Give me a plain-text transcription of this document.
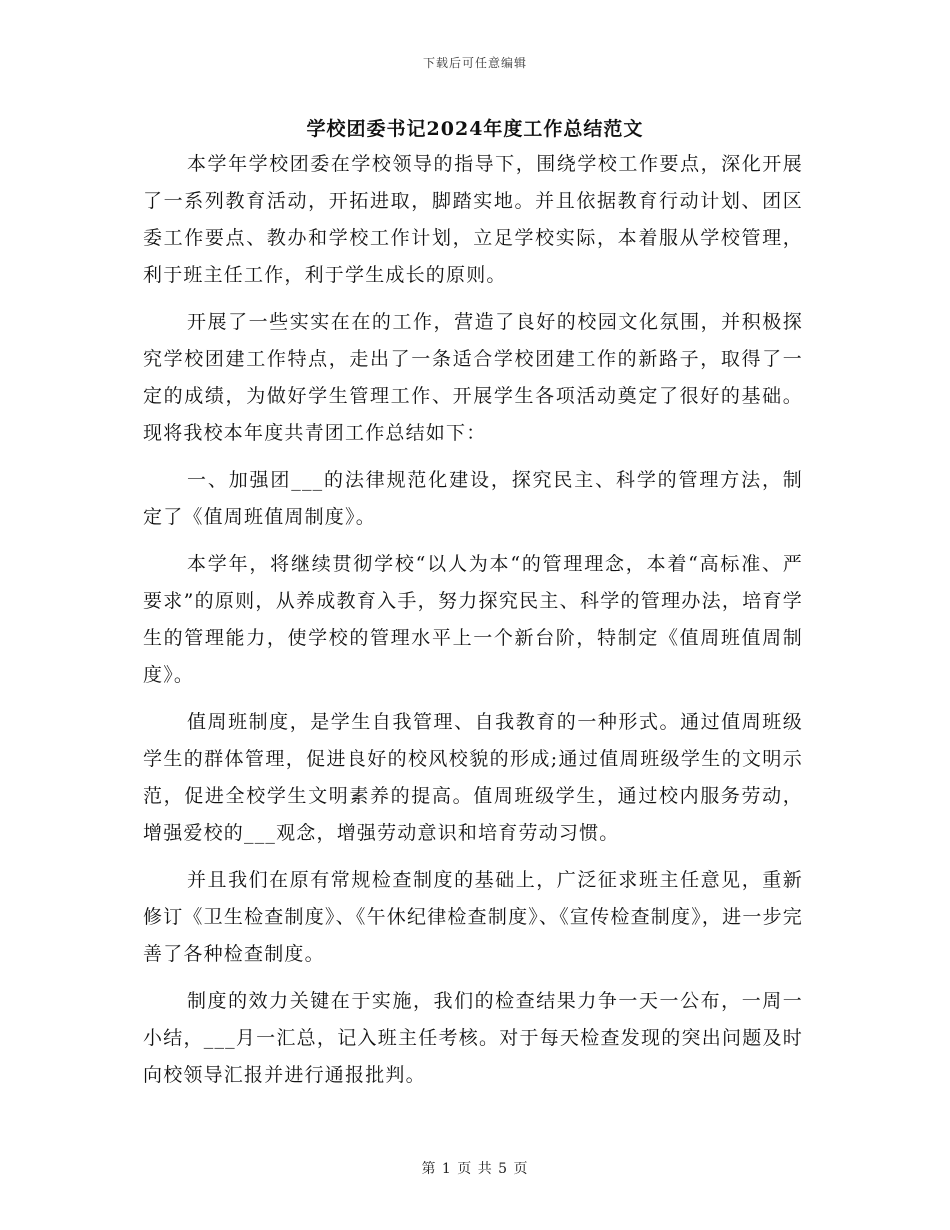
下载后可任意编辑
学校团委书记2024年度工作总结范文

本学年学校团委在学校领导的指导下，围绕学校工作要点，深化开展了一系列教育活动，开拓进取，脚踏实地。并且依据教育行动计划、团区委工作要点、教办和学校工作计划，立足学校实际，本着服从学校管理，利于班主任工作，利于学生成长的原则。

开展了一些实实在在的工作，营造了良好的校园文化氛围，并积极探究学校团建工作特点，走出了一条适合学校团建工作的新路子，取得了一定的成绩，为做好学生管理工作、开展学生各项活动奠定了很好的基础。现将我校本年度共青团工作总结如下：

一、加强团___的法律规范化建设，探究民主、科学的管理方法，制定了《值周班值周制度》。

本学年，将继续贯彻学校“以人为本“的管理理念，本着“高标准、严要求”的原则，从养成教育入手，努力探究民主、科学的管理办法，培育学生的管理能力，使学校的管理水平上一个新台阶，特制定《值周班值周制度》。

值周班制度，是学生自我管理、自我教育的一种形式。通过值周班级学生的群体管理，促进良好的校风校貌的形成;通过值周班级学生的文明示范，促进全校学生文明素养的提高。值周班级学生，通过校内服务劳动，增强爱校的___观念，增强劳动意识和培育劳动习惯。

并且我们在原有常规检查制度的基础上，广泛征求班主任意见，重新修订《卫生检查制度》、《午休纪律检查制度》、《宣传检查制度》，进一步完善了各种检查制度。

制度的效力关键在于实施，我们的检查结果力争一天一公布，一周一小结，___月一汇总，记入班主任考核。对于每天检查发现的突出问题及时向校领导汇报并进行通报批判。

第 1 页 共 5 页
